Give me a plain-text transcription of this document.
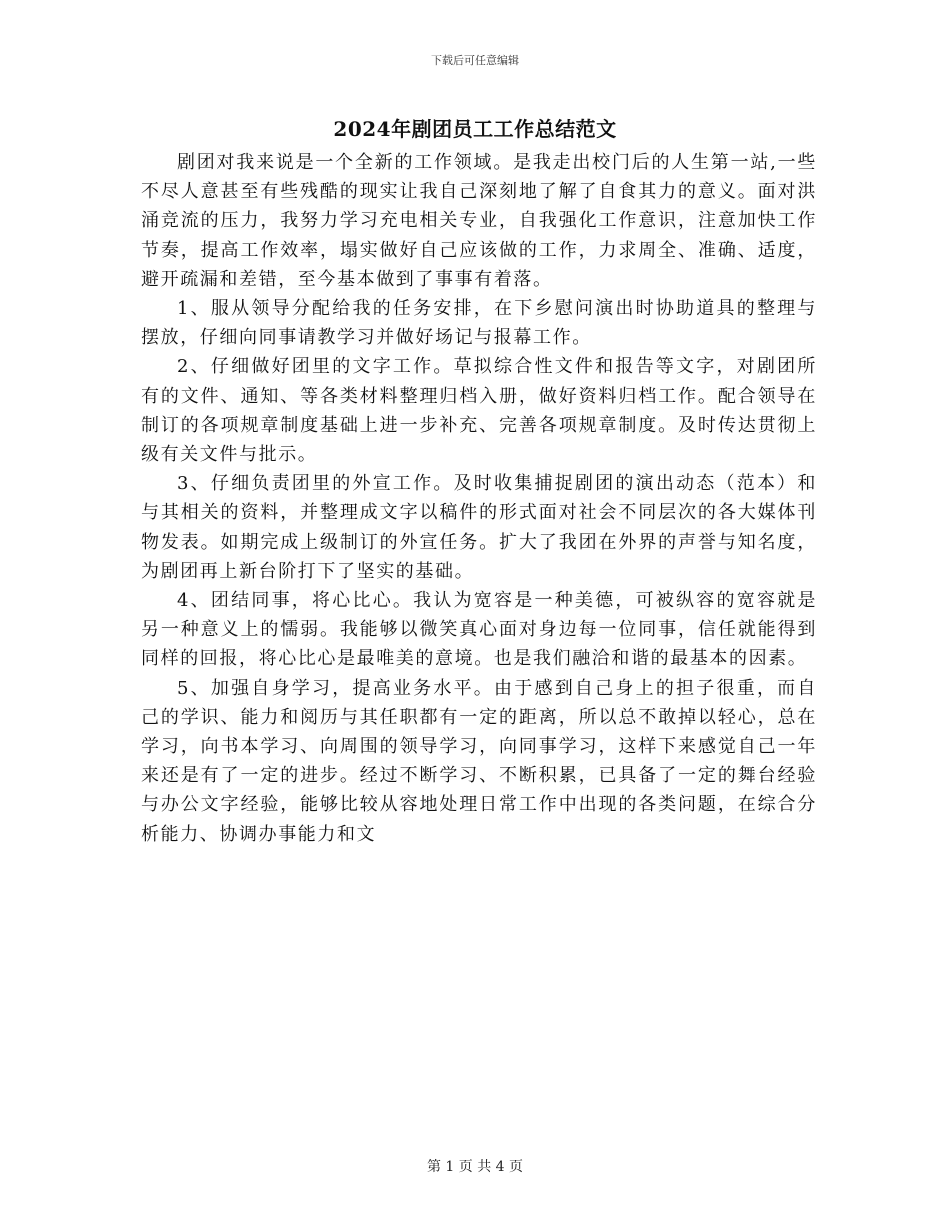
下载后可任意编辑
2024年剧团员工工作总结范文

剧团对我来说是一个全新的工作领域。是我走出校门后的人生第一站,一些不尽人意甚至有些残酷的现实让我自己深刻地了解了自食其力的意义。面对洪涌竞流的压力，我努力学习充电相关专业，自我强化工作意识，注意加快工作节奏，提高工作效率，塌实做好自己应该做的工作，力求周全、准确、适度，避开疏漏和差错，至今基本做到了事事有着落。

1、服从领导分配给我的任务安排，在下乡慰问演出时协助道具的整理与摆放，仔细向同事请教学习并做好场记与报幕工作。

2、仔细做好团里的文字工作。草拟综合性文件和报告等文字，对剧团所有的文件、通知、等各类材料整理归档入册，做好资料归档工作。配合领导在制订的各项规章制度基础上进一步补充、完善各项规章制度。及时传达贯彻上级有关文件与批示。

3、仔细负责团里的外宣工作。及时收集捕捉剧团的演出动态（范本）和与其相关的资料，并整理成文字以稿件的形式面对社会不同层次的各大媒体刊物发表。如期完成上级制订的外宣任务。扩大了我团在外界的声誉与知名度，为剧团再上新台阶打下了坚实的基础。

4、团结同事，将心比心。我认为宽容是一种美德，可被纵容的宽容就是另一种意义上的懦弱。我能够以微笑真心面对身边每一位同事，信任就能得到同样的回报，将心比心是最唯美的意境。也是我们融洽和谐的最基本的因素。

5、加强自身学习，提高业务水平。由于感到自己身上的担子很重，而自己的学识、能力和阅历与其任职都有一定的距离，所以总不敢掉以轻心，总在学习，向书本学习、向周围的领导学习，向同事学习，这样下来感觉自己一年来还是有了一定的进步。经过不断学习、不断积累，已具备了一定的舞台经验与办公文字经验，能够比较从容地处理日常工作中出现的各类问题，在综合分析能力、协调办事能力和文

第 1 页 共 4 页
